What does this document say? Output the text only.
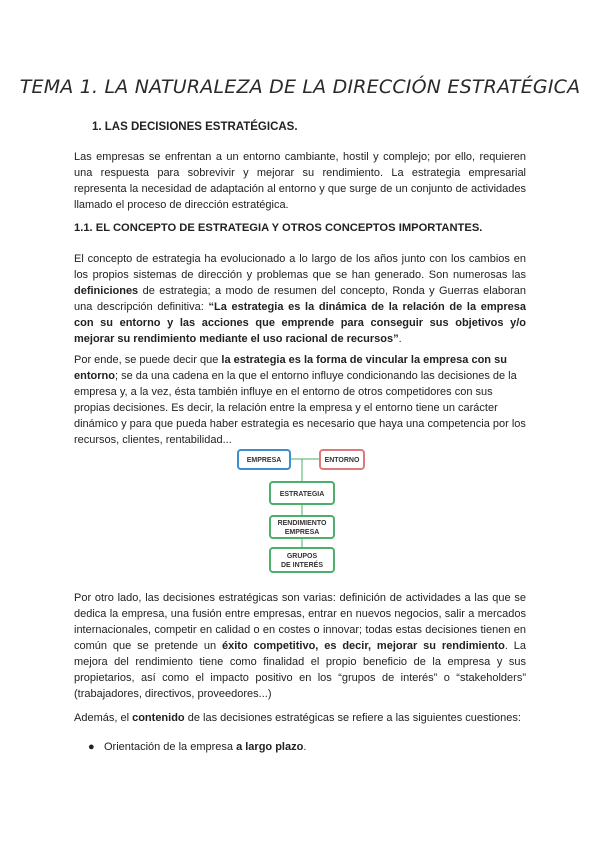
TEMA 1. LA NATURALEZA DE LA DIRECCIÓN ESTRATÉGICA
1. LAS DECISIONES ESTRATÉGICAS.

Las empresas se enfrentan a un entorno cambiante, hostil y complejo; por ello, requieren una respuesta para sobrevivir y mejorar su rendimiento. La estrategia empresarial representa la necesidad de adaptación al entorno y que surge de un conjunto de actividades llamado el proceso de dirección estratégica.

1.1. EL CONCEPTO DE ESTRATEGIA Y OTROS CONCEPTOS IMPORTANTES.

El concepto de estrategia ha evolucionado a lo largo de los años junto con los cambios en los propios sistemas de dirección y problemas que se han generado. Son numerosas las definiciones de estrategia; a modo de resumen del concepto, Ronda y Guerras elaboran una descripción definitiva: “La estrategia es la dinámica de la relación de la empresa con su entorno y las acciones que emprende para conseguir sus objetivos y/o mejorar su rendimiento mediante el uso racional de recursos”.

Por ende, se puede decir que la estrategia es la forma de vincular la empresa con su entorno; se da una cadena en la que el entorno influye condicionando las decisiones de la empresa y, a la vez, ésta también influye en el entorno de otros competidores con sus propias decisiones. Es decir, la relación entre la empresa y el entorno tiene un carácter dinámico y para que pueda haber estrategia es necesario que haya una competencia por los recursos, clientes, rentabilidad...

EMPRESA	ENTORNO
ESTRATEGIA
RENDIMIENTO
EMPRESA
GRUPOS
DE INTERÉS

Por otro lado, las decisiones estratégicas son varias: definición de actividades a las que se dedica la empresa, una fusión entre empresas, entrar en nuevos negocios, salir a mercados internacionales, competir en calidad o en costes o innovar; todas estas decisiones tienen en común que se pretende un éxito competitivo, es decir, mejorar su rendimiento. La mejora del rendimiento tiene como finalidad el propio beneficio de la empresa y sus propietarios, así como el impacto positivo en los “grupos de interés” o “stakeholders” (trabajadores, directivos, proveedores...)

Además, el contenido de las decisiones estratégicas se refiere a las siguientes cuestiones:

● Orientación de la empresa a largo plazo.
